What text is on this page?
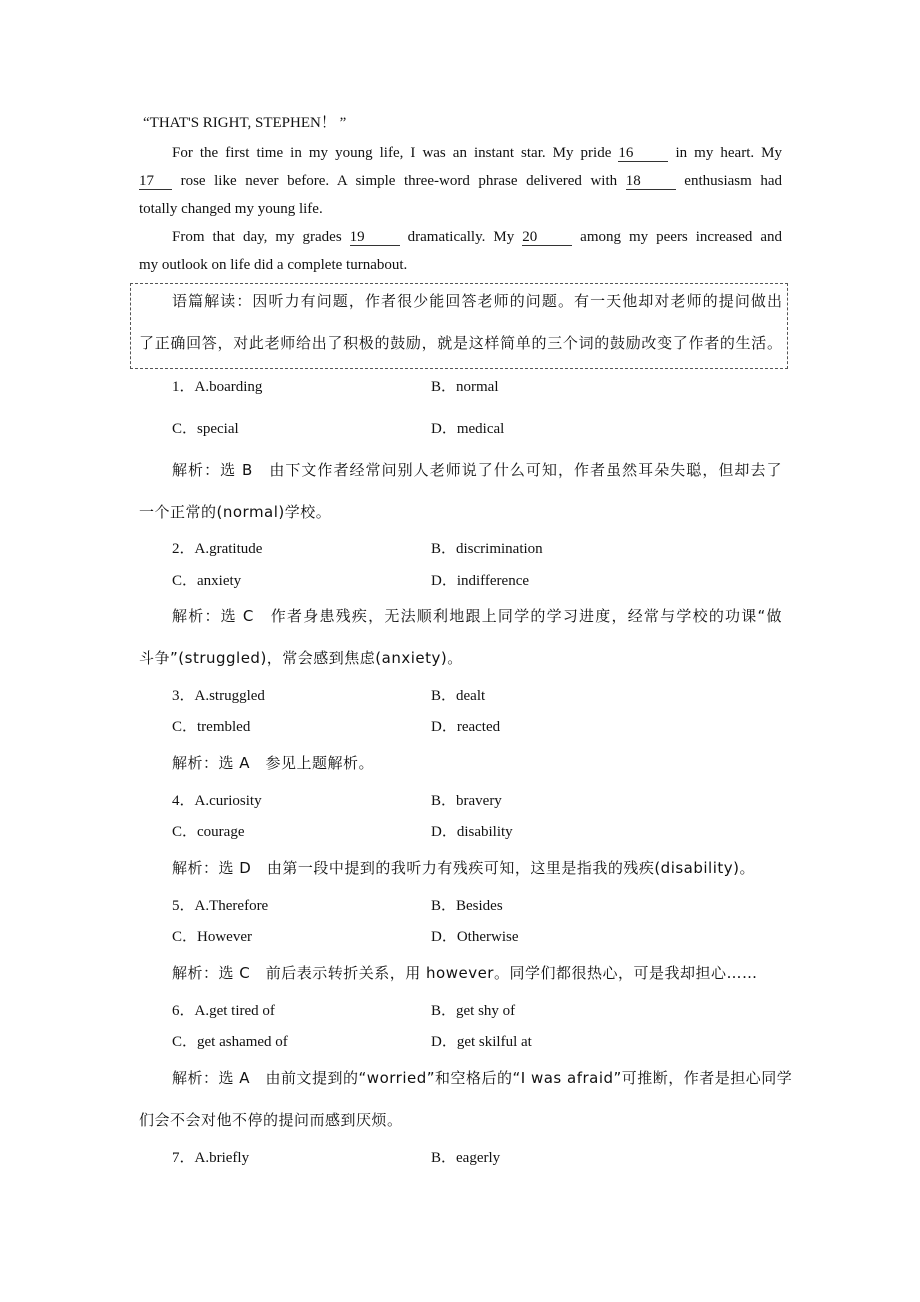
“THAT'S RIGHT, STEPHEN！ ”
For the first time in my young life, I was an instant star. My pride 16	in my heart. My
17 rose like never before. A simple three-word phrase delivered with 18	enthusiasm had
totally changed my young life.
From that day, my grades 19	dramatically. My 20	among my peers increased and
my outlook on life did a complete turnabout.
语篇解读：因听力有问题，作者很少能回答老师的问题。有一天他却对老师的提问做出
了正确回答，对此老师给出了积极的鼓励，就是这样简单的三个词的鼓励改变了作者的生活。
1．A.boarding	B．normal
C．special	D．medical
解析：选 B　由下文作者经常问别人老师说了什么可知，作者虽然耳朵失聪，但却去了
一个正常的(normal)学校。
2．A.gratitude	B．discrimination
C．anxiety	D．indifference
解析：选 C　作者身患残疾，无法顺利地跟上同学的学习进度，经常与学校的功课“做
斗争”(struggled)，常会感到焦虑(anxiety)。
3．A.struggled	B．dealt
C．trembled	D．reacted
解析：选 A　参见上题解析。
4．A.curiosity	B．bravery
C．courage	D．disability
解析：选 D　由第一段中提到的我听力有残疾可知，这里是指我的残疾(disability)。
5．A.Therefore	B．Besides
C．However	D．Otherwise
解析：选 C　前后表示转折关系，用 however。同学们都很热心，可是我却担心……
6．A.get tired of	B．get shy of
C．get ashamed of	D．get skilful at
解析：选 A　由前文提到的“worried”和空格后的“I was afraid”可推断，作者是担心同学
们会不会对他不停的提问而感到厌烦。
7．A.briefly	B．eagerly
